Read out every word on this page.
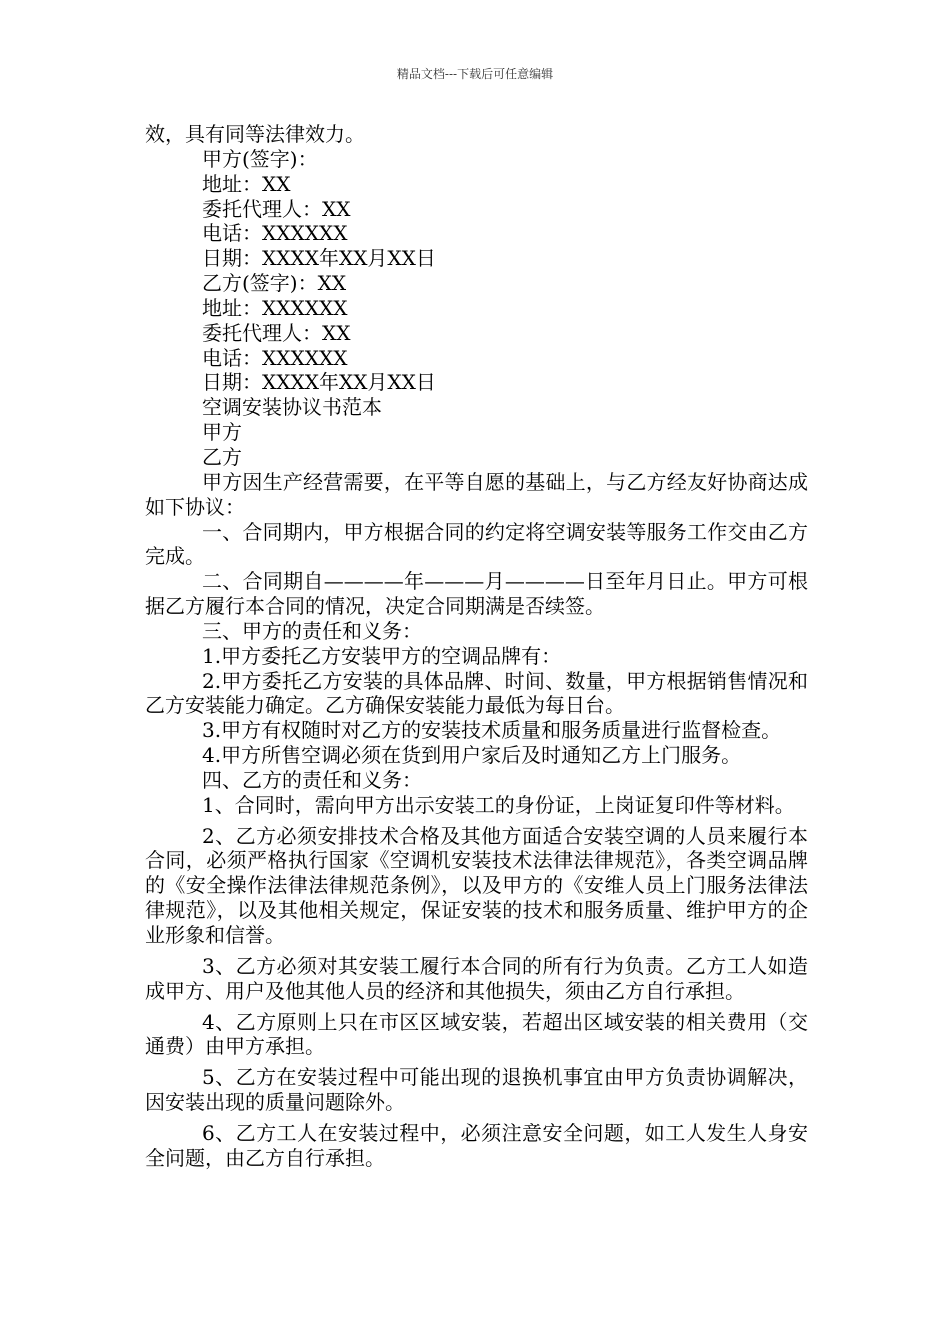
精品文档---下载后可任意编辑

效，具有同等法律效力。

甲方(签字)：

地址：XX

委托代理人：XX

电话：XXXXXX

日期：XXXX年XX月XX日

乙方(签字)：XX

地址：XXXXXX

委托代理人：XX

电话：XXXXXX

日期：XXXX年XX月XX日

空调安装协议书范本

甲方

乙方

甲方因生产经营需要，在平等自愿的基础上，与乙方经友好协商达成如下协议：

一、合同期内，甲方根据合同的约定将空调安装等服务工作交由乙方完成。

二、合同期自————年———月————日至年月日止。甲方可根据乙方履行本合同的情况，决定合同期满是否续签。

三、甲方的责任和义务：

1.甲方委托乙方安装甲方的空调品牌有：

2.甲方委托乙方安装的具体品牌、时间、数量，甲方根据销售情况和乙方安装能力确定。乙方确保安装能力最低为每日台。

3.甲方有权随时对乙方的安装技术质量和服务质量进行监督检查。

4.甲方所售空调必须在货到用户家后及时通知乙方上门服务。

四、乙方的责任和义务：

1、合同时，需向甲方出示安装工的身份证，上岗证复印件等材料。

2、乙方必须安排技术合格及其他方面适合安装空调的人员来履行本合同，必须严格执行国家《空调机安装技术法律法律规范》，各类空调品牌的《安全操作法律法律规范条例》，以及甲方的《安维人员上门服务法律法律规范》，以及其他相关规定，保证安装的技术和服务质量、维护甲方的企业形象和信誉。

3、乙方必须对其安装工履行本合同的所有行为负责。乙方工人如造成甲方、用户及他其他人员的经济和其他损失，须由乙方自行承担。

4、乙方原则上只在市区区域安装，若超出区域安装的相关费用（交通费）由甲方承担。

5、乙方在安装过程中可能出现的退换机事宜由甲方负责协调解决，因安装出现的质量问题除外。

6、乙方工人在安装过程中，必须注意安全问题，如工人发生人身安全问题，由乙方自行承担。
